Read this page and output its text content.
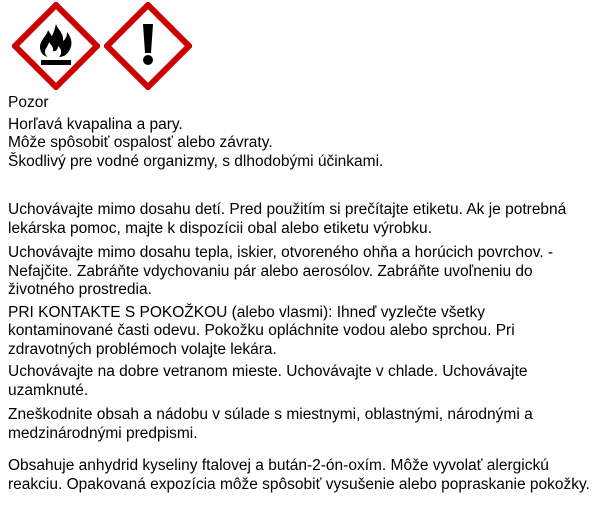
Pozor
Horľavá kvapalina a pary.
Môže spôsobiť ospalosť alebo závraty.
Škodlivý pre vodné organizmy, s dlhodobými účinkami.

Uchovávajte mimo dosahu detí. Pred použitím si prečítajte etiketu. Ak je potrebná lekárska pomoc, majte k dispozícii obal alebo etiketu výrobku.

Uchovávajte mimo dosahu tepla, iskier, otvoreného ohňa a horúcich povrchov. - Nefajčite. Zabráňte vdychovaniu pár alebo aerosólov. Zabráňte uvoľneniu do životného prostredia.

PRI KONTAKTE S POKOŽKOU (alebo vlasmi): Ihneď vyzlečte všetky kontaminované časti odevu. Pokožku opláchnite vodou alebo sprchou. Pri zdravotných problémoch volajte lekára.

Uchovávajte na dobre vetranom mieste. Uchovávajte v chlade. Uchovávajte uzamknuté.

Zneškodnite obsah a nádobu v súlade s miestnymi, oblastnými, národnými a medzinárodnými predpismi.

Obsahuje anhydrid kyseliny ftalovej a bután-2-ón-oxím. Môže vyvolať alergickú reakciu. Opakovaná expozícia môže spôsobiť vysušenie alebo popraskanie pokožky.
